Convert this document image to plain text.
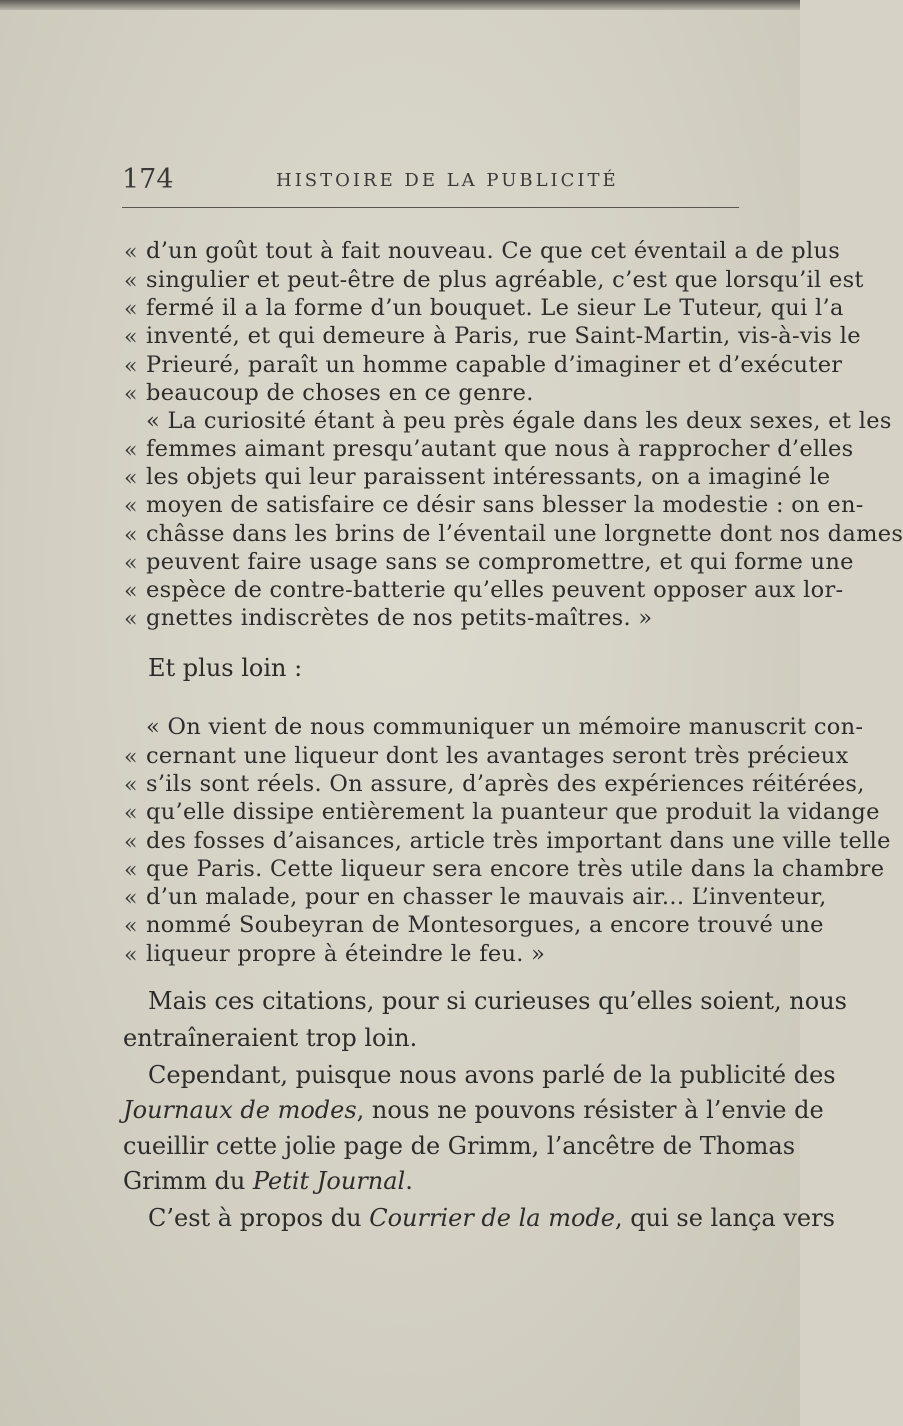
174	HISTOIRE DE LA PUBLICITÉ
« d’un goût tout à fait nouveau. Ce que cet éventail a de plus
« singulier et peut-être de plus agréable, c’est que lorsqu’il est
« fermé il a la forme d’un bouquet. Le sieur Le Tuteur, qui l’a
« inventé, et qui demeure à Paris, rue Saint-Martin, vis-à-vis le
« Prieuré, paraît un homme capable d’imaginer et d’exécuter
« beaucoup de choses en ce genre.
« La curiosité étant à peu près égale dans les deux sexes, et les
« femmes aimant presqu’autant que nous à rapprocher d’elles
« les objets qui leur paraissent intéressants, on a imaginé le
« moyen de satisfaire ce désir sans blesser la modestie : on en-
« châsse dans les brins de l’éventail une lorgnette dont nos dames
« peuvent faire usage sans se compromettre, et qui forme une
« espèce de contre-batterie qu’elles peuvent opposer aux lor-
« gnettes indiscrètes de nos petits-maîtres. »
Et plus loin :
« On vient de nous communiquer un mémoire manuscrit con-
« cernant une liqueur dont les avantages seront très précieux
« s’ils sont réels. On assure, d’après des expériences réitérées,
« qu’elle dissipe entièrement la puanteur que produit la vidange
« des fosses d’aisances, article très important dans une ville telle
« que Paris. Cette liqueur sera encore très utile dans la chambre
« d’un malade, pour en chasser le mauvais air... L’inventeur,
« nommé Soubeyran de Montesorgues, a encore trouvé une
« liqueur propre à éteindre le feu. »
Mais ces citations, pour si curieuses qu’elles soient, nous
entraîneraient trop loin.
Cependant, puisque nous avons parlé de la publicité des
Journaux de modes, nous ne pouvons résister à l’envie de
cueillir cette jolie page de Grimm, l’ancêtre de Thomas
Grimm du Petit Journal.
C’est à propos du Courrier de la mode, qui se lança vers
